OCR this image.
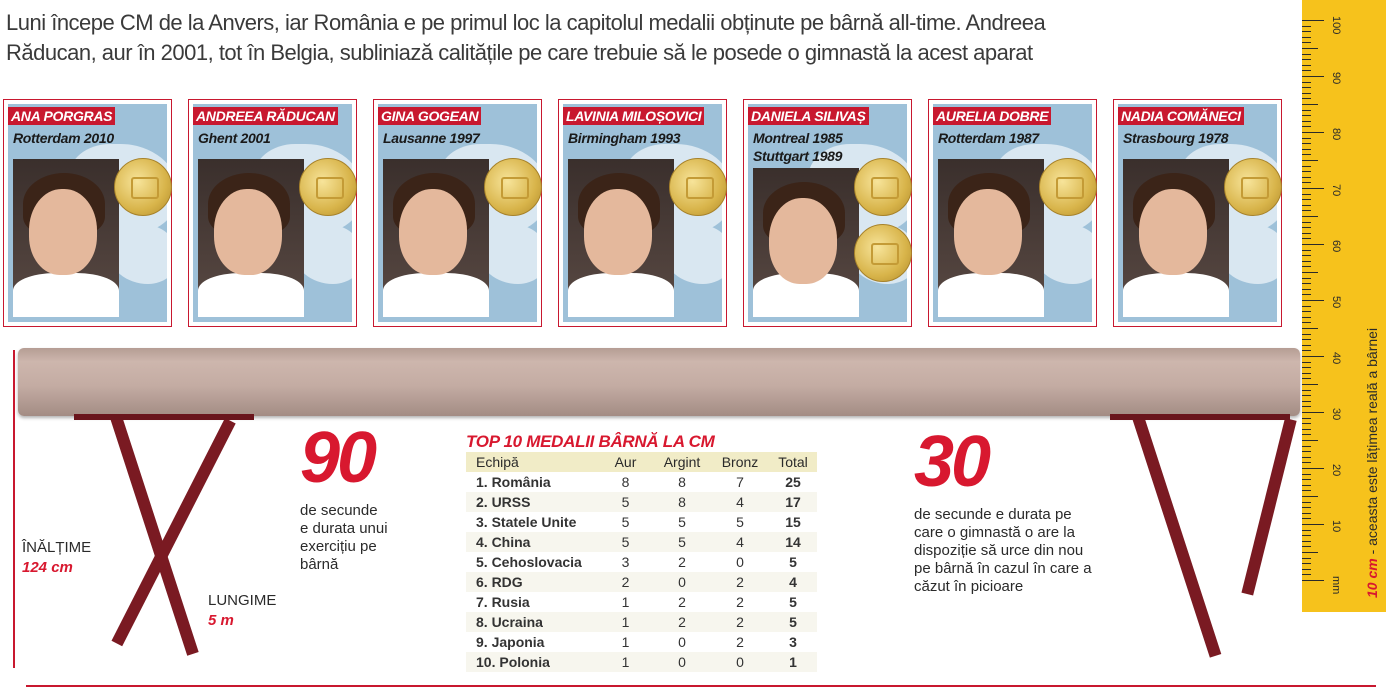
Luni începe CM de la Anvers, iar România e pe primul loc la capitolul medalii obținute pe bârnă all-time. Andreea
Răducan, aur în 2001, tot în Belgia, subliniază calitățile pe care trebuie să le posede o gimnastă la acest aparat
ANA PORGRAS
Rotterdam 2010
ANDREEA RĂDUCAN
Ghent 2001
GINA GOGEAN
Lausanne 1997
LAVINIA MILOȘOVICI
Birmingham 1993
DANIELA SILIVAȘ
Montreal 1985
Stuttgart 1989
AURELIA DOBRE
Rotterdam 1987
NADIA COMĂNECI
Strasbourg 1978
ÎNĂLȚIME
124 cm
LUNGIME
5 m
90
de secunde
e durata unui
exercițiu pe
bârnă
30
de secunde e durata pe
care o gimnastă o are la
dispoziție să urce din nou
pe bârnă în cazul în care a
căzut în picioare
TOP 10 MEDALII BÂRNĂ LA CM
Echipă	Aur	Argint	Bronz	Total
1. România	8	8	7	25
2. URSS	5	8	4	17
3. Statele Unite	5	5	5	15
4. China	5	5	4	14
5. Cehoslovacia	3	2	0	5
6. RDG	2	0	2	4
7. Rusia	1	2	2	5
8. Ucraina	1	2	2	5
9. Japonia	1	0	2	3
10. Polonia	1	0	0	1
100
90
80
70
60
50
40
30
20
10
mm 10 cm - aceasta este lățimea reală a bârnei
